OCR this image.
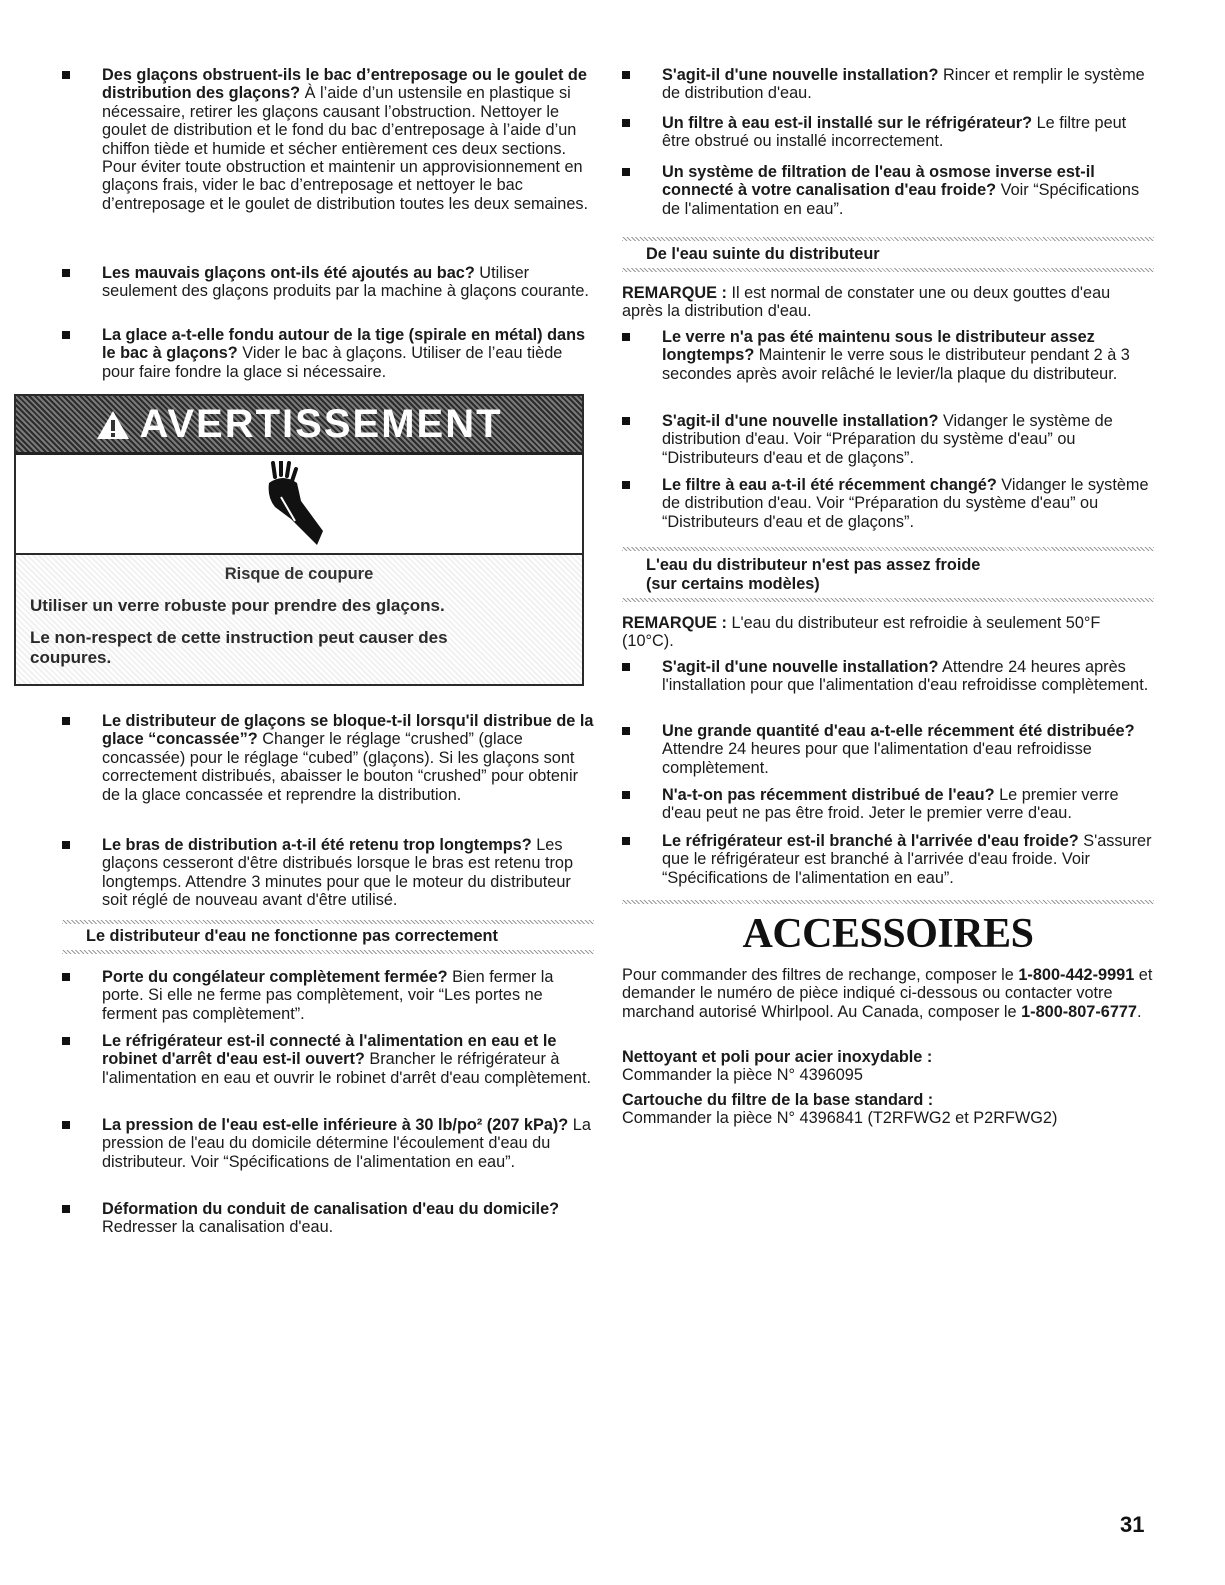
Des glaçons obstruent-ils le bac d’entreposage ou le goulet de distribution des glaçons? À l’aide d’un ustensile en plastique si nécessaire, retirer les glaçons causant l’obstruction. Nettoyer le goulet de distribution et le fond du bac d’entreposage à l’aide d’un chiffon tiède et humide et sécher entièrement ces deux sections. Pour éviter toute obstruction et maintenir un approvisionnement en glaçons frais, vider le bac d’entreposage et nettoyer le bac d’entreposage et le goulet de distribution toutes les deux semaines.
Les mauvais glaçons ont-ils été ajoutés au bac? Utiliser seulement des glaçons produits par la machine à glaçons courante.
La glace a-t-elle fondu autour de la tige (spirale en métal) dans le bac à glaçons? Vider le bac à glaçons. Utiliser de l’eau tiède pour faire fondre la glace si nécessaire.
Le distributeur de glaçons se bloque-t-il lorsqu'il distribue de la glace “concassée”? Changer le réglage “crushed” (glace concassée) pour le réglage “cubed” (glaçons). Si les glaçons sont correctement distribués, abaisser le bouton “crushed” pour obtenir de la glace concassée et reprendre la distribution.
Le bras de distribution a-t-il été retenu trop longtemps? Les glaçons cesseront d'être distribués lorsque le bras est retenu trop longtemps. Attendre 3 minutes pour que le moteur du distributeur soit réglé de nouveau avant d'être utilisé.
Le distributeur d'eau ne fonctionne pas correctement
Porte du congélateur complètement fermée? Bien fermer la porte. Si elle ne ferme pas complètement, voir “Les portes ne ferment pas complètement”.
Le réfrigérateur est-il connecté à l'alimentation en eau et le robinet d'arrêt d'eau est-il ouvert? Brancher le réfrigérateur à l'alimentation en eau et ouvrir le robinet d'arrêt d'eau complètement.
La pression de l'eau est-elle inférieure à 30 lb/po² (207 kPa)? La pression de l'eau du domicile détermine l'écoulement d'eau du distributeur. Voir “Spécifications de l'alimentation en eau”.
Déformation du conduit de canalisation d'eau du domicile? Redresser la canalisation d'eau.
AVERTISSEMENT
Risque de coupure
Utiliser un verre robuste pour prendre des glaçons.
Le non-respect de cette instruction peut causer des coupures.
S'agit-il d'une nouvelle installation? Rincer et remplir le système de distribution d'eau.
Un filtre à eau est-il installé sur le réfrigérateur? Le filtre peut être obstrué ou installé incorrectement.
Un système de filtration de l'eau à osmose inverse est-il connecté à votre canalisation d'eau froide? Voir “Spécifications de l'alimentation en eau”.
De l'eau suinte du distributeur
REMARQUE : Il est normal de constater une ou deux gouttes d'eau après la distribution d'eau.
Le verre n'a pas été maintenu sous le distributeur assez longtemps? Maintenir le verre sous le distributeur pendant 2 à 3 secondes après avoir relâché le levier/la plaque du distributeur.
S'agit-il d'une nouvelle installation? Vidanger le système de distribution d'eau. Voir “Préparation du système d'eau” ou “Distributeurs d'eau et de glaçons”.
Le filtre à eau a-t-il été récemment changé? Vidanger le système de distribution d'eau. Voir “Préparation du système d'eau” ou “Distributeurs d'eau et de glaçons”.
L'eau du distributeur n'est pas assez froide
(sur certains modèles)
REMARQUE : L'eau du distributeur est refroidie à seulement 50°F (10°C).
S'agit-il d'une nouvelle installation? Attendre 24 heures après l'installation pour que l'alimentation d'eau refroidisse complètement.
Une grande quantité d'eau a-t-elle récemment été distribuée? Attendre 24 heures pour que l'alimentation d'eau refroidisse complètement.
N'a-t-on pas récemment distribué de l'eau? Le premier verre d'eau peut ne pas être froid. Jeter le premier verre d'eau.
Le réfrigérateur est-il branché à l'arrivée d'eau froide? S'assurer que le réfrigérateur est branché à l'arrivée d'eau froide. Voir “Spécifications de l'alimentation en eau”.
ACCESSOIRES
Pour commander des filtres de rechange, composer le 1-800-442-9991 et demander le numéro de pièce indiqué ci-dessous ou contacter votre marchand autorisé Whirlpool. Au Canada, composer le 1-800-807-6777.
Nettoyant et poli pour acier inoxydable :
Commander la pièce N° 4396095
Cartouche du filtre de la base standard :
Commander la pièce N° 4396841 (T2RFWG2 et P2RFWG2)
31
